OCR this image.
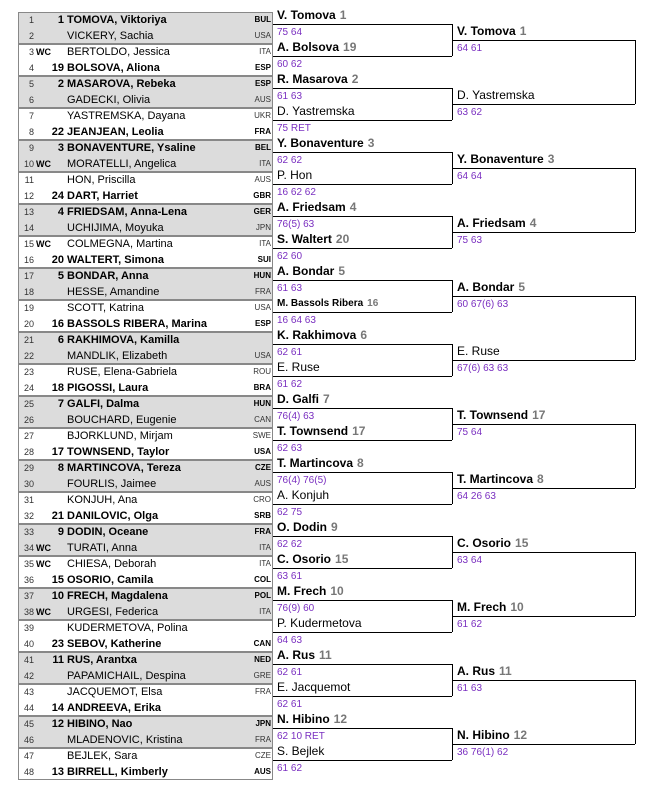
1	1 TOMOVA, Viktoriya	BUL
2	VICKERY, Sachia	USA
3 WC BERTOLDO, Jessica	ITA
4	19 BOLSOVA, Aliona	ESP
5	2 MASAROVA, Rebeka	ESP
6	GADECKI, Olivia	AUS
7	YASTREMSKA, Dayana	UKR
8	22 JEANJEAN, Leolia	FRA
9	3 BONAVENTURE, Ysaline	BEL
10 WC MORATELLI, Angelica	ITA
11	HON, Priscilla	AUS
12	24 DART, Harriet	GBR
13	4 FRIEDSAM, Anna-Lena	GER
14	UCHIJIMA, Moyuka	JPN
15 WC COLMEGNA, Martina	ITA
16	20 WALTERT, Simona	SUI
17	5 BONDAR, Anna	HUN
18	HESSE, Amandine	FRA
19	SCOTT, Katrina	USA
20	16 BASSOLS RIBERA, Marina	ESP
21	6 RAKHIMOVA, Kamilla
22	MANDLIK, Elizabeth	USA
23	RUSE, Elena-Gabriela	ROU
24	18 PIGOSSI, Laura	BRA
25	7 GALFI, Dalma	HUN
26	BOUCHARD, Eugenie	CAN
27	BJORKLUND, Mirjam	SWE
28	17 TOWNSEND, Taylor	USA
29	8 MARTINCOVA, Tereza	CZE
30	FOURLIS, Jaimee	AUS
31	KONJUH, Ana	CRO
32	21 DANILOVIC, Olga	SRB
33	9 DODIN, Oceane	FRA
34 WC TURATI, Anna	ITA
35 WC CHIESA, Deborah	ITA
36	15 OSORIO, Camila	COL
37	10 FRECH, Magdalena	POL
38 WC URGESI, Federica	ITA
39	KUDERMETOVA, Polina
40	23 SEBOV, Katherine	CAN
41	11 RUS, Arantxa	NED
42	PAPAMICHAIL, Despina	GRE
43	JACQUEMOT, Elsa	FRA
44	14 ANDREEVA, Erika
45	12 HIBINO, Nao	JPN
46	MLADENOVIC, Kristina	FRA
47	BEJLEK, Sara	CZE
48	13 BIRRELL, Kimberly	AUS
V. Tomova 1
75 64
A. Bolsova 19
60 62
R. Masarova 2
61 63
D. Yastremska
75 RET
Y. Bonaventure 3
62 62
P. Hon
16 62 62
A. Friedsam 4
76(5) 63
S. Waltert 20
62 60
A. Bondar 5
61 63
M. Bassols Ribera 16
16 64 63
K. Rakhimova 6
62 61
E. Ruse
61 62
D. Galfi 7
76(4) 63
T. Townsend 17
62 63
T. Martincova 8
76(4) 76(5)
A. Konjuh
62 75
O. Dodin 9
62 62
C. Osorio 15
63 61
M. Frech 10
76(9) 60
P. Kudermetova
64 63
A. Rus 11
62 61
E. Jacquemot
62 61
N. Hibino 12
62 10 RET
S. Bejlek
61 62
V. Tomova 1
64 61
D. Yastremska
63 62
Y. Bonaventure 3
64 64
A. Friedsam 4
75 63
A. Bondar 5
60 67(6) 63
E. Ruse
67(6) 63 63
T. Townsend 17
75 64
T. Martincova 8
64 26 63
C. Osorio 15
63 64
M. Frech 10
61 62
A. Rus 11
61 63
N. Hibino 12
36 76(1) 62
